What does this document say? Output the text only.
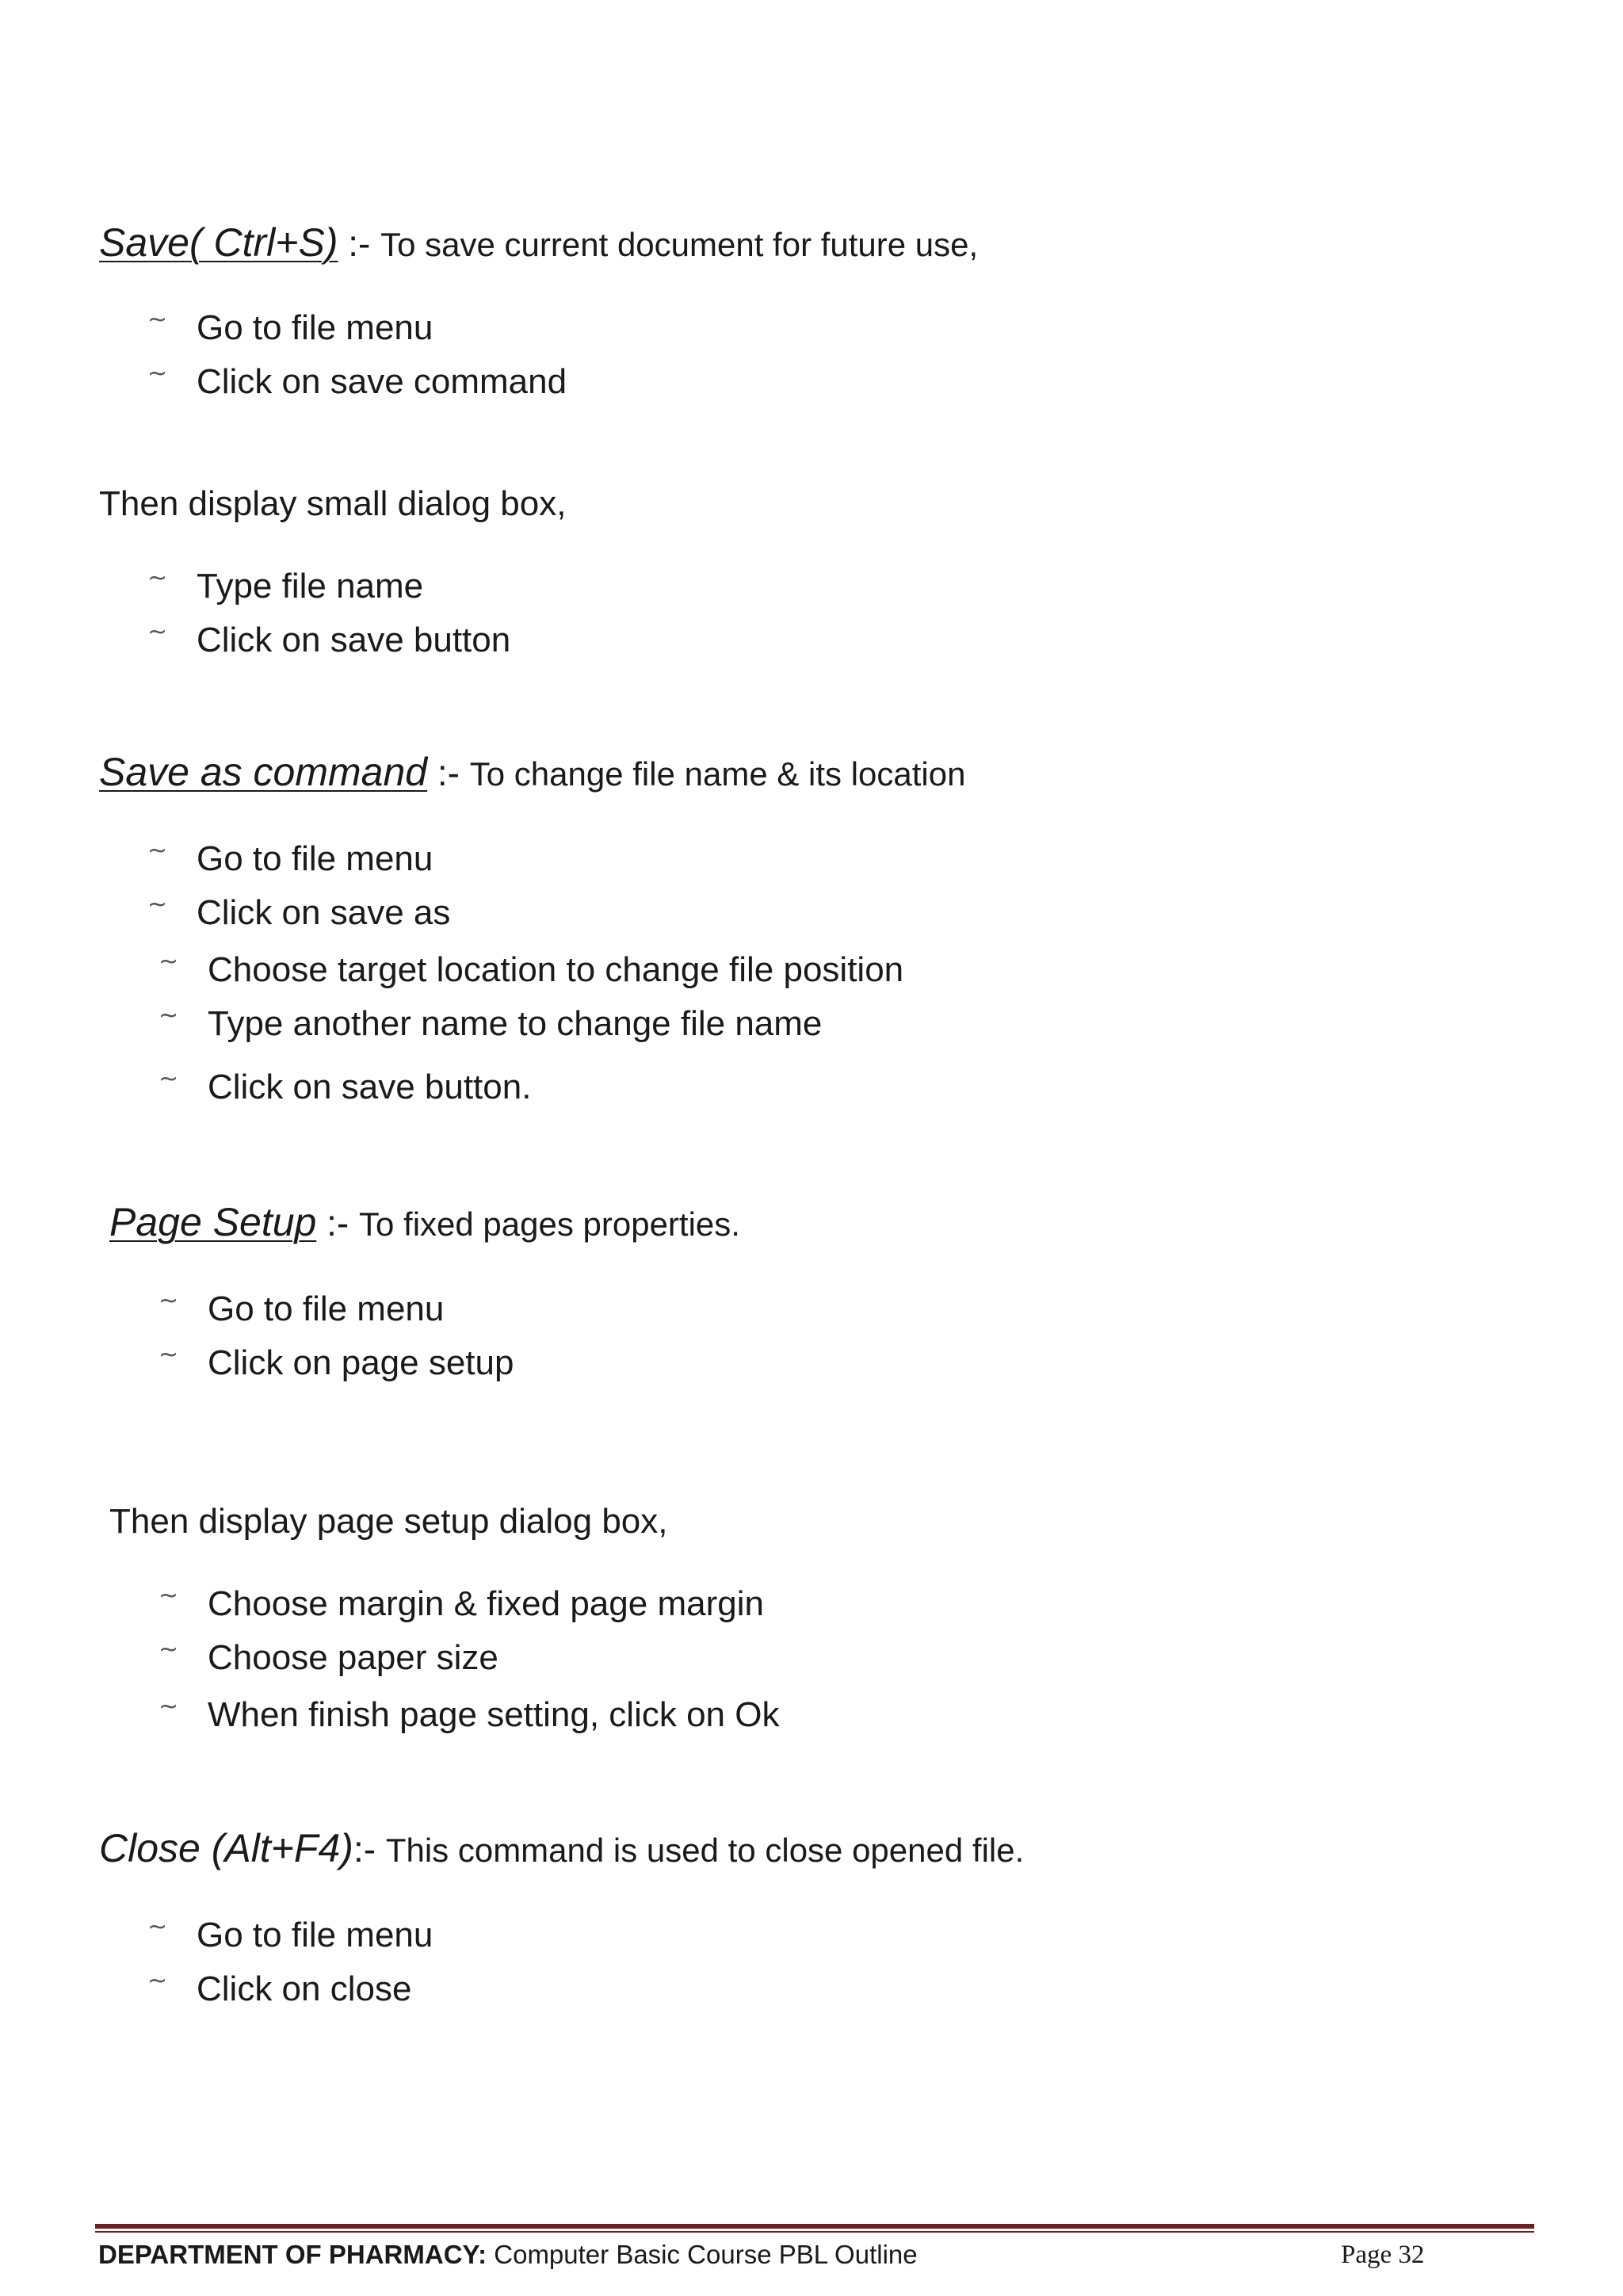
Save( Ctrl+S) :- To save current document for future use,
~ Go to file menu
~ Click on save command
Then display small dialog box,
~ Type file name
~ Click on save button
Save as command :- To change file name & its location
~ Go to file menu
~ Click on save as
~ Choose target location to change file position
~ Type another name to change file name
~ Click on save button.
Page Setup :- To fixed pages properties.
~ Go to file menu
~ Click on page setup
Then display page setup dialog box,
~ Choose margin & fixed page margin
~ Choose paper size
~ When finish page setting, click on Ok
Close (Alt+F4):- This command is used to close opened file.
~ Go to file menu
~ Click on close
DEPARTMENT OF PHARMACY: Computer Basic Course PBL Outline	Page 32
